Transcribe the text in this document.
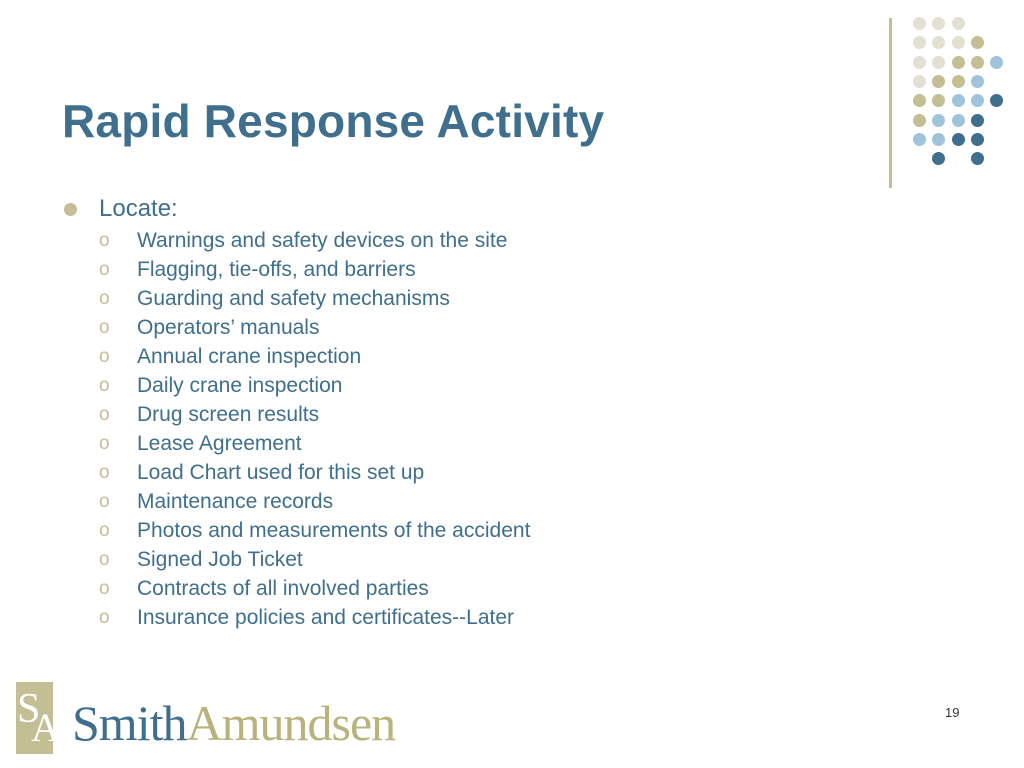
Rapid Response Activity
Locate:
o	Warnings and safety devices on the site
o	Flagging, tie-offs, and barriers
o	Guarding and safety mechanisms
o	Operators’ manuals
o	Annual crane inspection
o	Daily crane inspection
o	Drug screen results
o	Lease Agreement
o	Load Chart used for this set up
o	Maintenance records
o	Photos and measurements of the accident
o	Signed Job Ticket
o	Contracts of all involved parties
o	Insurance policies and certificates--Later
S
A SmithAmundsen	19
